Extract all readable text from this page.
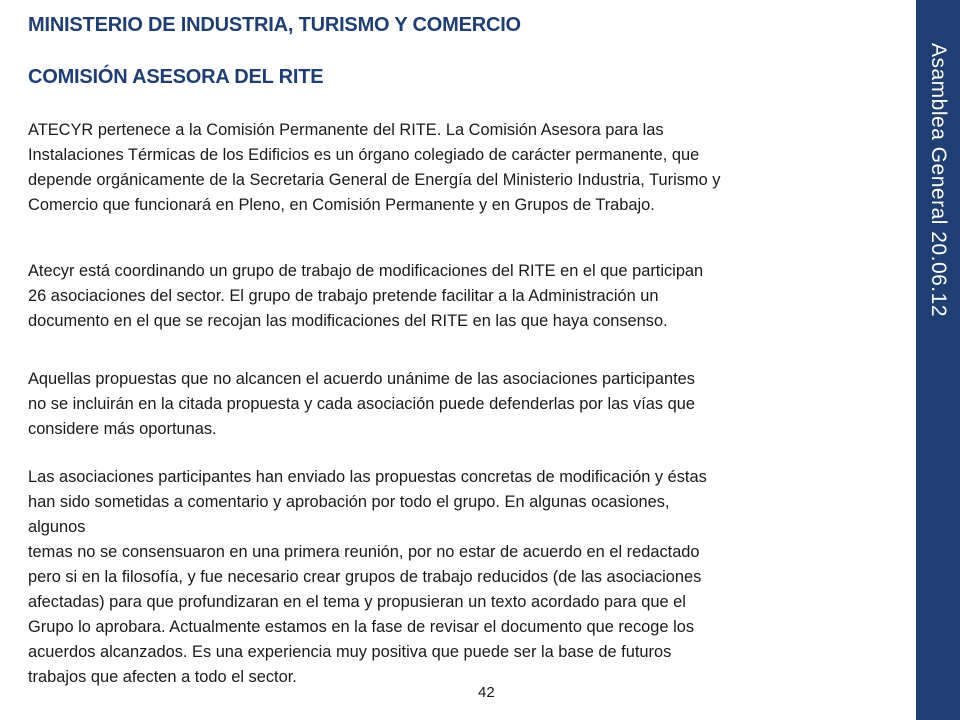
Asamblea General 20.06.12
MINISTERIO DE INDUSTRIA, TURISMO Y COMERCIO
COMISIÓN ASESORA DEL RITE

ATECYR pertenece a la Comisión Permanente del RITE. La Comisión Asesora para las
Instalaciones Térmicas de los Edificios es un órgano colegiado de carácter permanente, que
depende orgánicamente de la Secretaria General de Energía del Ministerio Industria, Turismo y
Comercio que funcionará en Pleno, en Comisión Permanente y en Grupos de Trabajo.

Atecyr está coordinando un grupo de trabajo de modificaciones del RITE en el que participan
26 asociaciones del sector. El grupo de trabajo pretende facilitar a la Administración un
documento en el que se recojan las modificaciones del RITE en las que haya consenso.

Aquellas propuestas que no alcancen el acuerdo unánime de las asociaciones participantes
no se incluirán en la citada propuesta y cada asociación puede defenderlas por las vías que
considere más oportunas.

Las asociaciones participantes han enviado las propuestas concretas de modificación y éstas
han sido sometidas a comentario y aprobación por todo el grupo. En algunas ocasiones,
algunos
temas no se consensuaron en una primera reunión, por no estar de acuerdo en el redactado
pero si en la filosofía, y fue necesario crear grupos de trabajo reducidos (de las asociaciones
afectadas) para que profundizaran en el tema y propusieran un texto acordado para que el
Grupo lo aprobara. Actualmente estamos en la fase de revisar el documento que recoge los
acuerdos alcanzados. Es una experiencia muy positiva que puede ser la base de futuros
trabajos que afecten a todo el sector.

42
